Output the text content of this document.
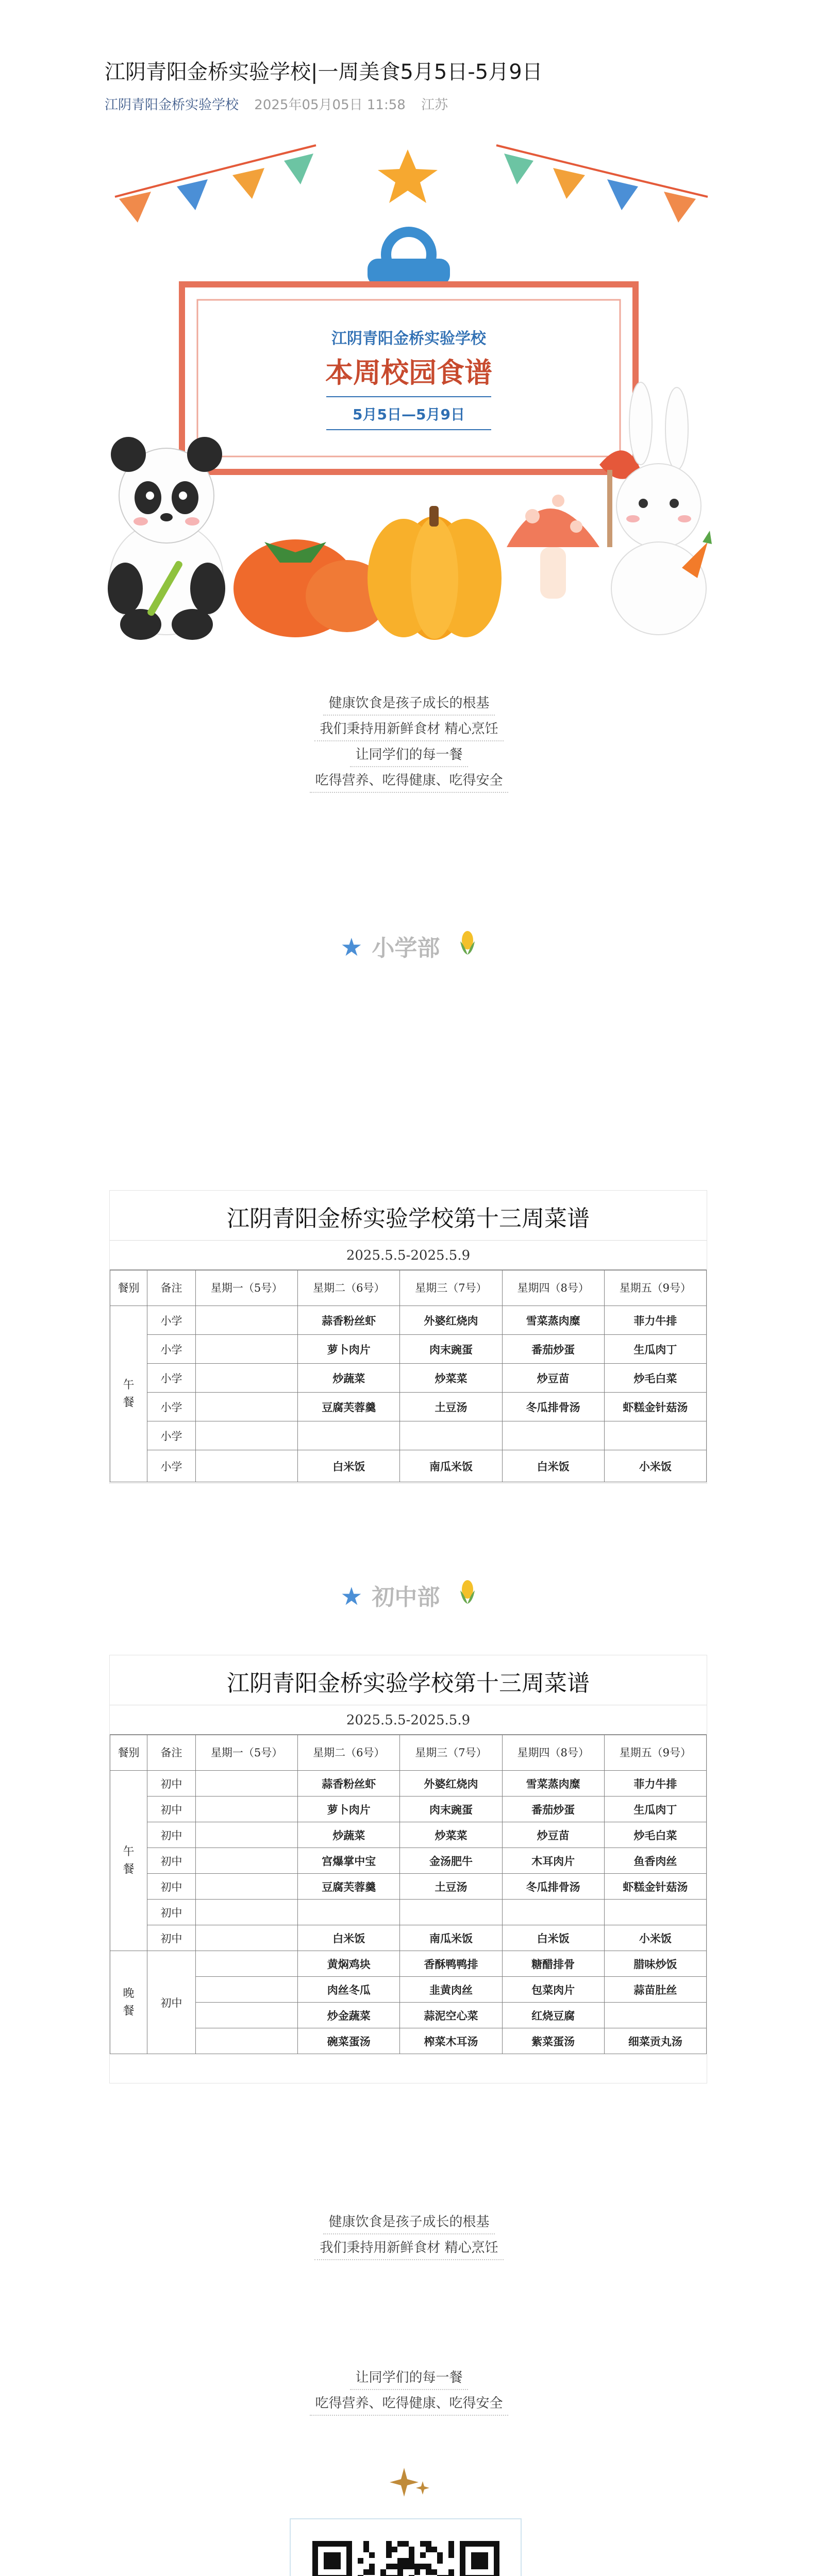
江阴青阳金桥实验学校|一周美食5月5日-5月9日
江阴青阳金桥实验学校 2025年05月05日 11:58 江苏
江阴青阳金桥实验学校
本周校园食谱
5月5日—5月9日
健康饮食是孩子成长的根基
我们秉持用新鲜食材 精心烹饪
让同学们的每一餐
吃得营养、吃得健康、吃得安全
★ 小学部
江阴青阳金桥实验学校第十三周菜谱
2025.5.5-2025.5.9
餐别	备注	星期一（5号）	星期二（6号）	星期三（7号）	星期四（8号）	星期五（9号）
午
餐	小学		蒜香粉丝虾	外婆红烧肉	雪菜蒸肉糜	菲力牛排
	小学		萝卜肉片	肉末豌蛋	番茄炒蛋	生瓜肉丁
	小学		炒蔬菜	炒菜菜	炒豆苗	炒毛白菜
	小学		豆腐芙蓉羹	土豆汤	冬瓜排骨汤	虾糕金针菇汤
	小学					
	小学		白米饭	南瓜米饭	白米饭	小米饭
★ 初中部
江阴青阳金桥实验学校第十三周菜谱
2025.5.5-2025.5.9
餐别	备注	星期一（5号）	星期二（6号）	星期三（7号）	星期四（8号）	星期五（9号）
午
餐	初中		蒜香粉丝虾	外婆红烧肉	雪菜蒸肉糜	菲力牛排
	初中		萝卜肉片	肉末豌蛋	番茄炒蛋	生瓜肉丁
	初中		炒蔬菜	炒菜菜	炒豆苗	炒毛白菜
	初中		宫爆掌中宝	金汤肥牛	木耳肉片	鱼香肉丝
	初中		豆腐芙蓉羹	土豆汤	冬瓜排骨汤	虾糕金针菇汤
	初中					
	初中		白米饭	南瓜米饭	白米饭	小米饭
晚
餐	初中		黄焖鸡块	香酥鸭鸭排	糖醋排骨	腊味炒饭
			肉丝冬瓜	韭黄肉丝	包菜肉片	蒜苗肚丝
			炒金蔬菜	蒜泥空心菜	红烧豆腐	
			碗菜蛋汤	榨菜木耳汤	紫菜蛋汤	细菜贡丸汤
健康饮食是孩子成长的根基
我们秉持用新鲜食材 精心烹饪
让同学们的每一餐
吃得营养、吃得健康、吃得安全
